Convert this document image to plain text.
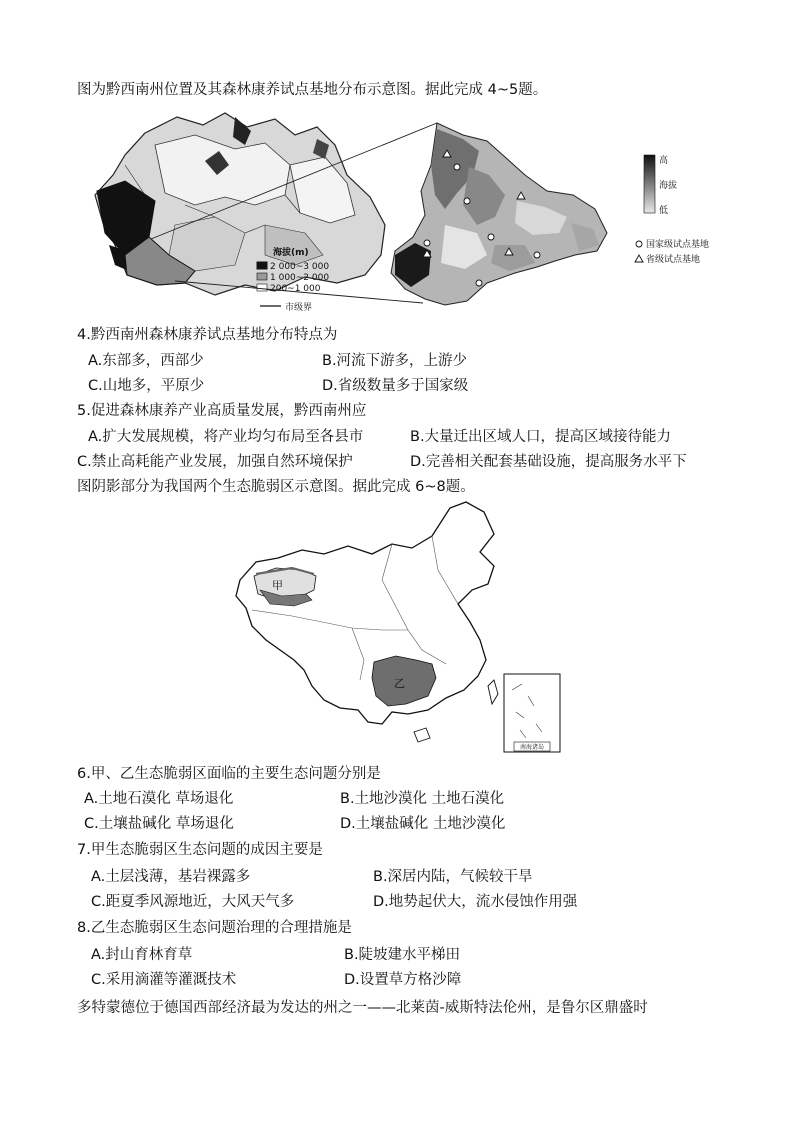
图为黔西南州位置及其森林康养试点基地分布示意图。据此完成 4~5题。
海拔(m)
2 000~3 000
1 000~2 000
200~1 000
市级界
高
海拔
低
国家级试点基地
省级试点基地
4.黔西南州森林康养试点基地分布特点为
A.东部多，西部少	B.河流下游多，上游少
C.山地多，平原少	D.省级数量多于国家级
5.促进森林康养产业高质量发展，黔西南州应
A.扩大发展规模，将产业均匀布局至各县市	B.大量迁出区域人口，提高区域接待能力
C.禁止高耗能产业发展，加强自然环境保护	D.完善相关配套基础设施，提高服务水平下
图阴影部分为我国两个生态脆弱区示意图。据此完成 6~8题。
甲
乙
南海诸岛
6.甲、乙生态脆弱区面临的主要生态问题分别是
A.土地石漠化 草场退化	B.土地沙漠化 土地石漠化
C.土壤盐碱化 草场退化	D.土壤盐碱化 土地沙漠化
7.甲生态脆弱区生态问题的成因主要是
A.土层浅薄，基岩裸露多	B.深居内陆，气候较干旱
C.距夏季风源地近，大风天气多	D.地势起伏大，流水侵蚀作用强
8.乙生态脆弱区生态问题治理的合理措施是
A.封山育林育草	B.陡坡建水平梯田
C.采用滴灌等灌溉技术	D.设置草方格沙障
多特蒙德位于德国西部经济最为发达的州之一——北莱茵-威斯特法伦州，是鲁尔区鼎盛时
